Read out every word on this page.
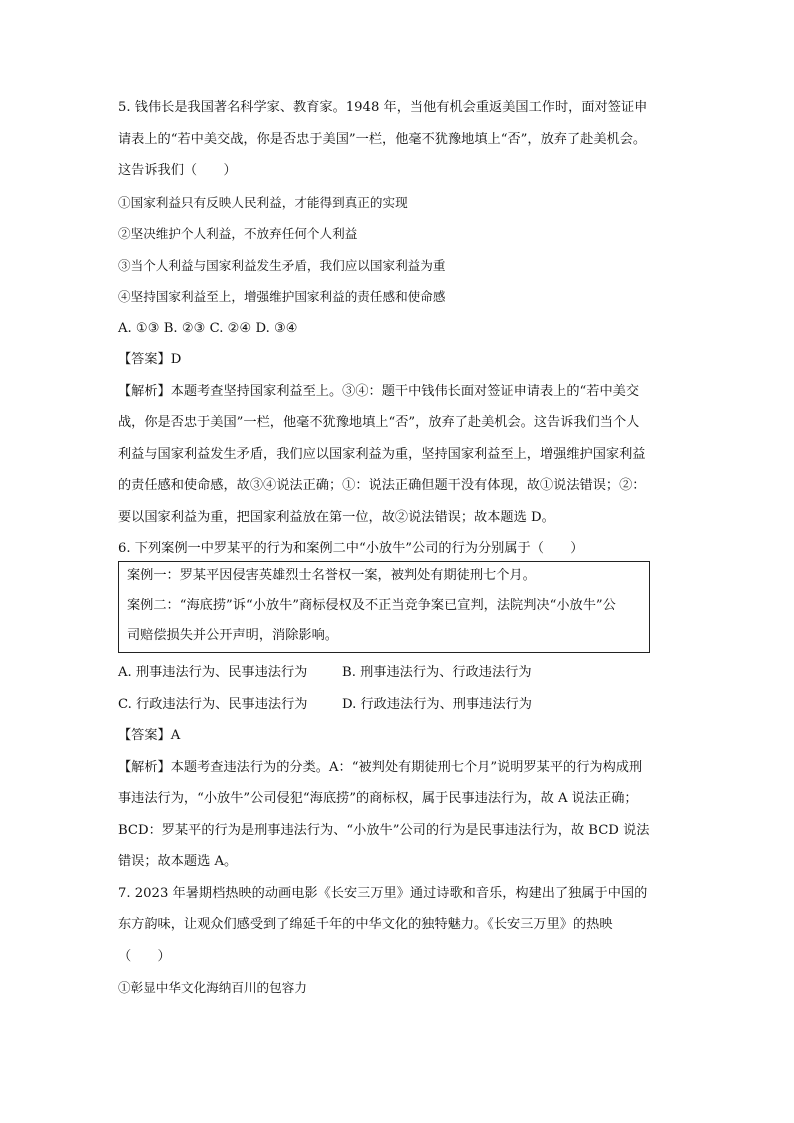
5. 钱伟长是我国著名科学家、教育家。1948 年，当他有机会重返美国工作时，面对签证申

请表上的“若中美交战，你是否忠于美国”一栏，他毫不犹豫地填上“否”，放弃了赴美机会。

这告诉我们（　　）

①国家利益只有反映人民利益，才能得到真正的实现

②坚决维护个人利益，不放弃任何个人利益

③当个人利益与国家利益发生矛盾，我们应以国家利益为重

④坚持国家利益至上，增强维护国家利益的责任感和使命感

A. ①③ B. ②③ C. ②④ D. ③④

【答案】D

【解析】本题考查坚持国家利益至上。③④：题干中钱伟长面对签证申请表上的“若中美交

战，你是否忠于美国”一栏，他毫不犹豫地填上“否”，放弃了赴美机会。这告诉我们当个人

利益与国家利益发生矛盾，我们应以国家利益为重，坚持国家利益至上，增强维护国家利益

的责任感和使命感，故③④说法正确；①：说法正确但题干没有体现，故①说法错误；②：

要以国家利益为重，把国家利益放在第一位，故②说法错误；故本题选 D。

6. 下列案例一中罗某平的行为和案例二中“小放牛”公司的行为分别属于（　　）

案例一：罗某平因侵害英雄烈士名誉权一案，被判处有期徒刑七个月。

案例二：“海底捞”诉“小放牛”商标侵权及不正当竞争案已宣判，法院判决“小放牛”公

司赔偿损失并公开声明，消除影响。

A. 刑事违法行为、民事违法行为	B. 刑事违法行为、行政违法行为

C. 行政违法行为、民事违法行为	D. 行政违法行为、刑事违法行为

【答案】A

【解析】本题考查违法行为的分类。A：“被判处有期徒刑七个月”说明罗某平的行为构成刑

事违法行为，“小放牛”公司侵犯“海底捞”的商标权，属于民事违法行为，故 A 说法正确；

BCD：罗某平的行为是刑事违法行为、“小放牛”公司的行为是民事违法行为，故 BCD 说法

错误；故本题选 A。

7. 2023 年暑期档热映的动画电影《长安三万里》通过诗歌和音乐，构建出了独属于中国的

东方韵味，让观众们感受到了绵延千年的中华文化的独特魅力。《长安三万里》的热映

（　　）

①彰显中华文化海纳百川的包容力
